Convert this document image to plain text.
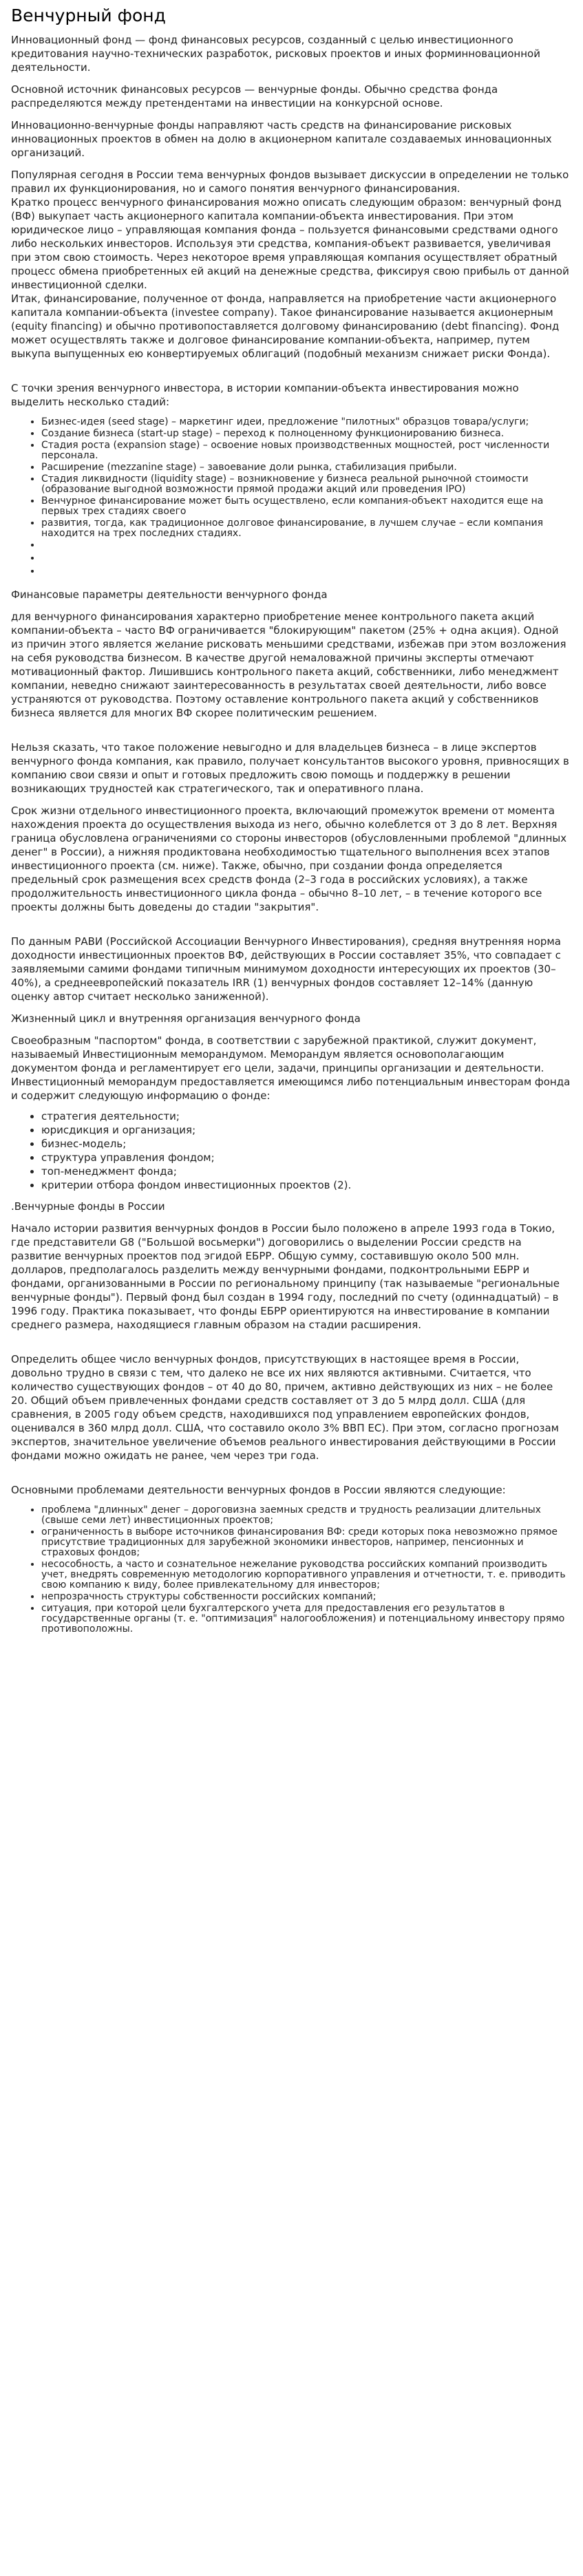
Венчурный фонд

Инновационный фонд — фонд финансовых ресурсов, созданный с целью инвестиционного кредитования научно-технических разработок, рисковых проектов и иных форминновационной деятельности.

Основной источник финансовых ресурсов — венчурные фонды. Обычно средства фонда распределяются между претендентами на инвестиции на конкурсной основе.

Инновационно-венчурные фонды направляют часть средств на финансирование рисковых инновационных проектов в обмен на долю в акционерном капитале создаваемых инновационных организаций.

Популярная сегодня в России тема венчурных фондов вызывает дискуссии в определении не только правил их функционирования, но и самого понятия венчурного финансирования.

Кратко процесс венчурного финансирования можно описать следующим образом: венчурный фонд (ВФ) выкупает часть акционерного капитала компании-объекта инвестирования. При этом юридическое лицо – управляющая компания фонда – пользуется финансовыми средствами одного либо нескольких инвесторов. Используя эти средства, компания-объект развивается, увеличивая при этом свою стоимость. Через некоторое время управляющая компания осуществляет обратный процесс обмена приобретенных ей акций на денежные средства, фиксируя свою прибыль от данной инвестиционной сделки.

Итак, финансирование, полученное от фонда, направляется на приобретение части акционерного капитала компании-объекта (investee company). Такое финансирование называется акционерным (equity financing) и обычно противопоставляется долговому финансированию (debt financing). Фонд может осуществлять также и долговое финансирование компании-объекта, например, путем выкупа выпущенных ею конвертируемых облигаций (подобный механизм снижает риски Фонда).

С точки зрения венчурного инвестора, в истории компании-объекта инвестирования можно выделить несколько стадий:

• Бизнес-идея (seed stage) – маркетинг идеи, предложение "пилотных" образцов товара/услуги;
• Создание бизнеса (start-up stage) – переход к полноценному функционированию бизнеса.
• Стадия роста (expansion stage) – освоение новых производственных мощностей, рост численности персонала.
• Расширение (mezzanine stage) – завоевание доли рынка, стабилизация прибыли.
• Стадия ликвидности (liquidity stage) – возникновение у бизнеса реальной рыночной стоимости (образование выгодной возможности прямой продажи акций или проведения IPO)
• Венчурное финансирование может быть осуществлено, если компания-объект находится еще на первых трех стадиях своего
• развития, тогда, как традиционное долговое финансирование, в лучшем случае – если компания находится на трех последних стадиях.
•
•
•

Финансовые параметры деятельности венчурного фонда

для венчурного финансирования характерно приобретение менее контрольного пакета акций компании-объекта – часто ВФ ограничивается "блокирующим" пакетом (25% + одна акция). Одной из причин этого является желание рисковать меньшими средствами, избежав при этом возложения на себя руководства бизнесом. В качестве другой немаловажной причины эксперты отмечают мотивационный фактор. Лишившись контрольного пакета акций, собственники, либо менеджмент компании, неведно снижают заинтересованность в результатах своей деятельности, либо вовсе устраняются от руководства. Поэтому оставление контрольного пакета акций у собственников бизнеса является для многих ВФ скорее политическим решением.

Нельзя сказать, что такое положение невыгодно и для владельцев бизнеса – в лице экспертов венчурного фонда компания, как правило, получает консультантов высокого уровня, привносящих в компанию свои связи и опыт и готовых предложить свою помощь и поддержку в решении возникающих трудностей как стратегического, так и оперативного плана.

Срок жизни отдельного инвестиционного проекта, включающий промежуток времени от момента нахождения проекта до осуществления выхода из него, обычно колеблется от 3 до 8 лет. Верхняя граница обусловлена ограничениями со стороны инвесторов (обусловленными проблемой "длинных денег" в России), а нижняя продиктована необходимостью тщательного выполнения всех этапов инвестиционного проекта (см. ниже). Также, обычно, при создании фонда определяется предельный срок размещения всех средств фонда (2–3 года в российских условиях), а также продолжительность инвестиционного цикла фонда – обычно 8–10 лет, – в течение которого все проекты должны быть доведены до стадии "закрытия".

По данным РАВИ (Российской Ассоциации Венчурного Инвестирования), средняя внутренняя норма доходности инвестиционных проектов ВФ, действующих в России составляет 35%, что совпадает с заявляемыми самими фондами типичным минимумом доходности интересующих их проектов (30–40%), а среднеевропейский показатель IRR (1) венчурных фондов составляет 12–14% (данную оценку автор считает несколько заниженной).

Жизненный цикл и внутренняя организация венчурного фонда

Своеобразным "паспортом" фонда, в соответствии с зарубежной практикой, служит документ, называемый Инвестиционным меморандумом. Меморандум является основополагающим документом фонда и регламентирует его цели, задачи, принципы организации и деятельности. Инвестиционный меморандум предоставляется имеющимся либо потенциальным инвесторам фонда и содержит следующую информацию о фонде:

• стратегия деятельности;
• юрисдикция и организация;
• бизнес-модель;
• структура управления фондом;
• топ-менеджмент фонда;
• критерии отбора фондом инвестиционных проектов (2).

.Венчурные фонды в России

Начало истории развития венчурных фондов в России было положено в апреле 1993 года в Токио, где представители G8 ("Большой восьмерки") договорились о выделении России средств на развитие венчурных проектов под эгидой ЕБРР. Общую сумму, составившую около 500 млн. долларов, предполагалось разделить между венчурными фондами, подконтрольными ЕБРР и фондами, организованными в России по региональному принципу (так называемые "региональные венчурные фонды"). Первый фонд был создан в 1994 году, последний по счету (одиннадцатый) – в 1996 году. Практика показывает, что фонды ЕБРР ориентируются на инвестирование в компании среднего размера, находящиеся главным образом на стадии расширения.

Определить общее число венчурных фондов, присутствующих в настоящее время в России, довольно трудно в связи с тем, что далеко не все их них являются активными. Считается, что количество существующих фондов – от 40 до 80, причем, активно действующих из них – не более 20. Общий объем привлеченных фондами средств составляет от 3 до 5 млрд долл. США (для сравнения, в 2005 году объем средств, находившихся под управлением европейских фондов, оценивался в 360 млрд долл. США, что составило около 3% ВВП ЕС). При этом, согласно прогнозам экспертов, значительное увеличение объемов реального инвестирования действующими в России фондами можно ожидать не ранее, чем через три года.

Основными проблемами деятельности венчурных фондов в России являются следующие:

• проблема "длинных" денег – дороговизна заемных средств и трудность реализации длительных (свыше семи лет) инвестиционных проектов;
• ограниченность в выборе источников финансирования ВФ: среди которых пока невозможно прямое присутствие традиционных для зарубежной экономики инвесторов, например, пенсионных и страховых фондов;
• несособность, а часто и сознательное нежелание руководства российских компаний производить учет, внедрять современную методологию корпоративного управления и отчетности, т. е. приводить свою компанию к виду, более привлекательному для инвесторов;
• непрозрачность структуры собственности российских компаний;
• ситуация, при которой цели бухгалтерского учета для предоставления его результатов в государственные органы (т. е. "оптимизация" налогообложения) и потенциальному инвестору прямо противоположны.
